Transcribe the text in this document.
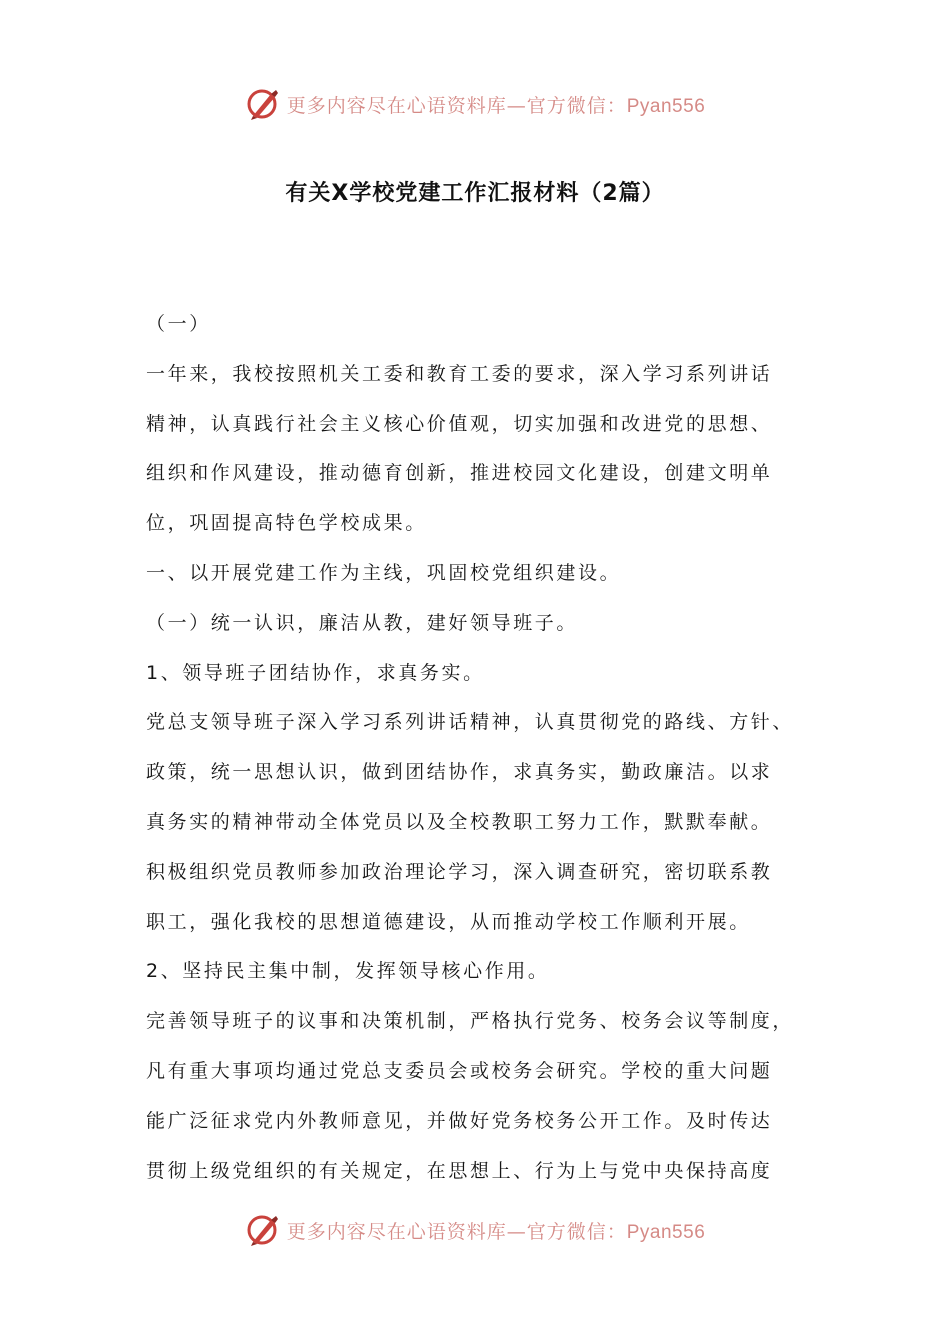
更多内容尽在心语资料库—官方微信：Pyan556
有关X学校党建工作汇报材料（2篇）
（一）
一年来，我校按照机关工委和教育工委的要求，深入学习系列讲话
精神，认真践行社会主义核心价值观，切实加强和改进党的思想、
组织和作风建设，推动德育创新，推进校园文化建设，创建文明单
位，巩固提高特色学校成果。
一、以开展党建工作为主线，巩固校党组织建设。
（一）统一认识，廉洁从教，建好领导班子。
1、领导班子团结协作，求真务实。
党总支领导班子深入学习系列讲话精神，认真贯彻党的路线、方针、
政策，统一思想认识，做到团结协作，求真务实，勤政廉洁。以求
真务实的精神带动全体党员以及全校教职工努力工作，默默奉献。
积极组织党员教师参加政治理论学习，深入调查研究，密切联系教
职工，强化我校的思想道德建设，从而推动学校工作顺利开展。
2、坚持民主集中制，发挥领导核心作用。
完善领导班子的议事和决策机制，严格执行党务、校务会议等制度，
凡有重大事项均通过党总支委员会或校务会研究。学校的重大问题
能广泛征求党内外教师意见，并做好党务校务公开工作。及时传达
贯彻上级党组织的有关规定，在思想上、行为上与党中央保持高度
更多内容尽在心语资料库—官方微信：Pyan556
